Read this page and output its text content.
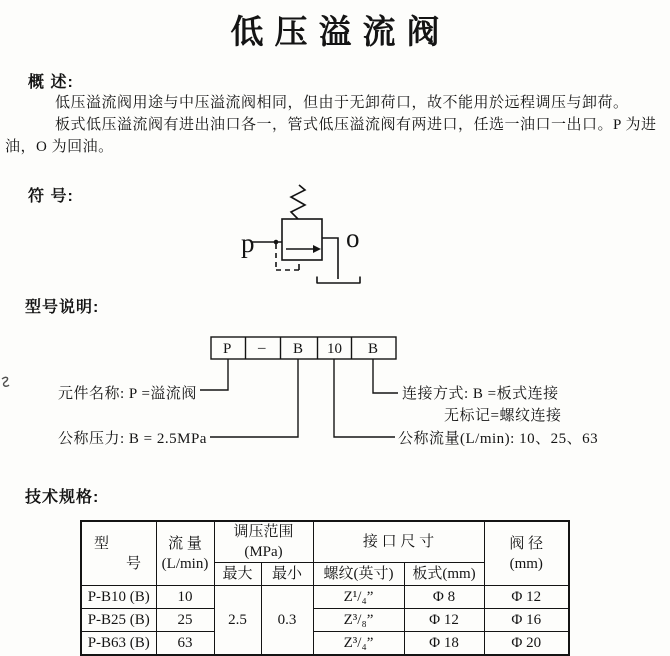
低压溢流阀
概 述:
低压溢流阀用途与中压溢流阀相同，但由于无卸荷口，故不能用於远程调压与卸荷。
板式低压溢流阀有进出油口各一，管式低压溢流阀有两进口，任选一油口一出口。P 为进油，O 为回油。
符 号:
型号说明:
技术规格:
p	o
P – B 10 B
元件名称: P =溢流阀
公称压力: B = 2.5MPa
连接方式: B =板式连接
无标记=螺纹连接
公称流量(L/min): 10、25、63
型
号	流 量
(L/min)	调压范围(MPa)		接 口 尺 寸		阀 径
(mm)
		最大	最小	螺纹(英寸)	板式(mm)	
P-B10 (B)	10	2.5	0.3	Z¹/₄”	Φ 8	Φ 12
P-B25 (B)	25			Z³/₈”	Φ 12	Φ 16
P-B63 (B)	63			Z³/₄”	Φ 18	Φ 20
